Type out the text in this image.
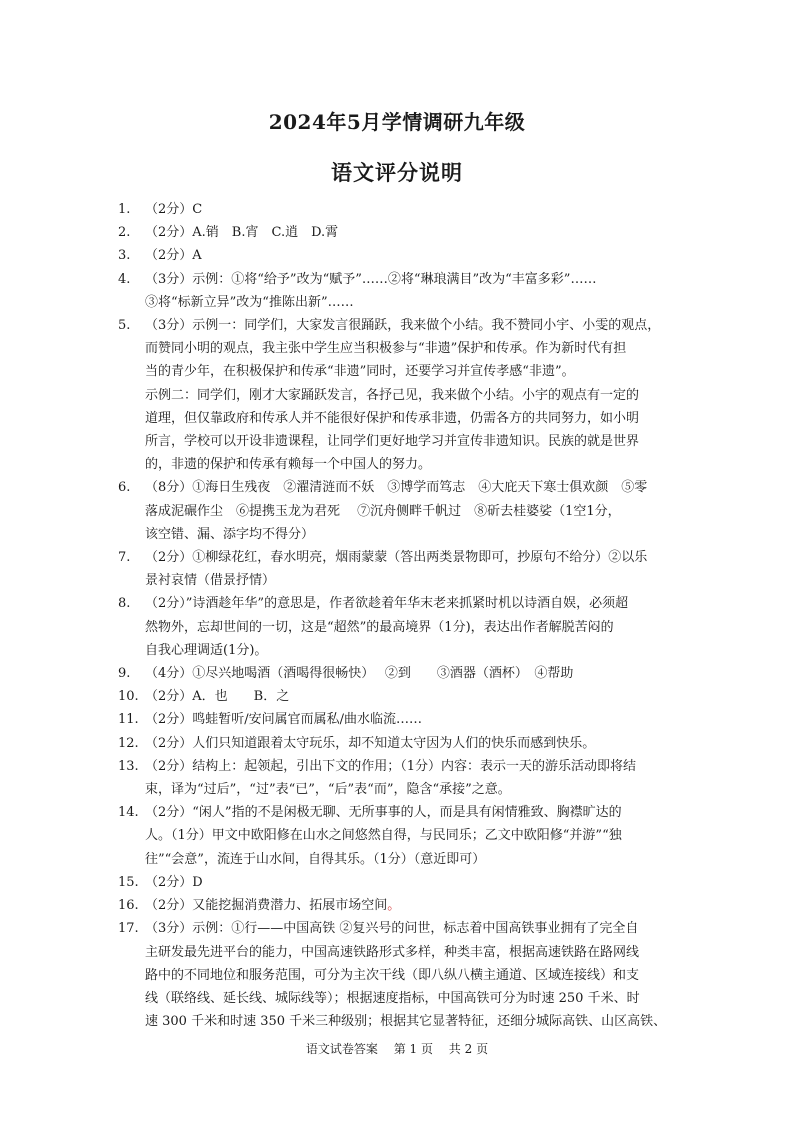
2024年5月学情调研九年级
语文评分说明
1. （2分）C

2. （2分）A.销　B.宵　C.逍　D.霄

3. （2分）A

4. （3分）示例：①将“给予”改为“赋予”……②将“琳琅满目”改为“丰富多彩”……

③将“标新立异”改为“推陈出新”……

5. （3分）示例一：同学们，大家发言很踊跃，我来做个小结。我不赞同小宇、小雯的观点，

而赞同小明的观点，我主张中学生应当积极参与“非遗”保护和传承。作为新时代有担

当的青少年，在积极保护和传承“非遗”同时，还要学习并宣传孝感“非遗”。

示例二：同学们，刚才大家踊跃发言，各抒己见，我来做个小结。小宇的观点有一定的

道理，但仅靠政府和传承人并不能很好保护和传承非遗，仍需各方的共同努力，如小明

所言，学校可以开设非遗课程，让同学们更好地学习并宣传非遗知识。民族的就是世界

的，非遗的保护和传承有赖每一个中国人的努力。

6. （8分）①海日生残夜　②濯清涟而不妖　③博学而笃志　④大庇天下寒士俱欢颜　⑤零

落成泥碾作尘　⑥提携玉龙为君死　 ⑦沉舟侧畔千帆过　⑧斫去桂婆娑（1空1分，

该空错、漏、添字均不得分）

7. （2分）①柳绿花红，春水明亮，烟雨蒙蒙（答出两类景物即可，抄原句不给分）②以乐

景衬哀情（借景抒情）

8. （2分）”诗酒趁年华”的意思是，作者欲趁着年华末老来抓紧时机以诗酒自娱，必须超

然物外，忘却世间的一切，这是“超然”的最高境界（1分)，表达出作者解脱苦闷的

自我心理调适(1分)。

9. （4分）①尽兴地喝酒（酒喝得很畅快）　 ②到　　③酒器（酒杯）　④帮助

10. （2分）A．也　　B．之

11. （2分）鸣蛙暂听/安问属官而属私/曲水临流……

12. （2分）人们只知道跟着太守玩乐，却不知道太守因为人们的快乐而感到快乐。

13. （2分）结构上：起领起，引出下文的作用；（1分）内容：表示一天的游乐活动即将结

束，译为“过后”，“过”表“已”，“后”表“而”，隐含“承接”之意。

14. （2分）“闲人”指的不是闲极无聊、无所事事的人，而是具有闲情雅致、胸襟旷达的

人。（1分）甲文中欧阳修在山水之间悠然自得，与民同乐；乙文中欧阳修“并游”“独

往”“会意”，流连于山水间，自得其乐。（1分）（意近即可）

15. （2分）D

16. （2分）又能挖掘消费潜力、拓展市场空间。

17. （3分）示例：①行——中国高铁 ②复兴号的问世，标志着中国高铁事业拥有了完全自

主研发最先进平台的能力，中国高速铁路形式多样，种类丰富，根据高速铁路在路网线

路中的不同地位和服务范围，可分为主次干线（即八纵八横主通道、区域连接线）和支

线（联络线、延长线、城际线等）；根据速度指标，中国高铁可分为时速 250 千米、时

速 300 千米和时速 350 千米三种级别；根据其它显著特征，还细分城际高铁、山区高铁、

语文试卷答案　 第 1 页　 共 2 页
